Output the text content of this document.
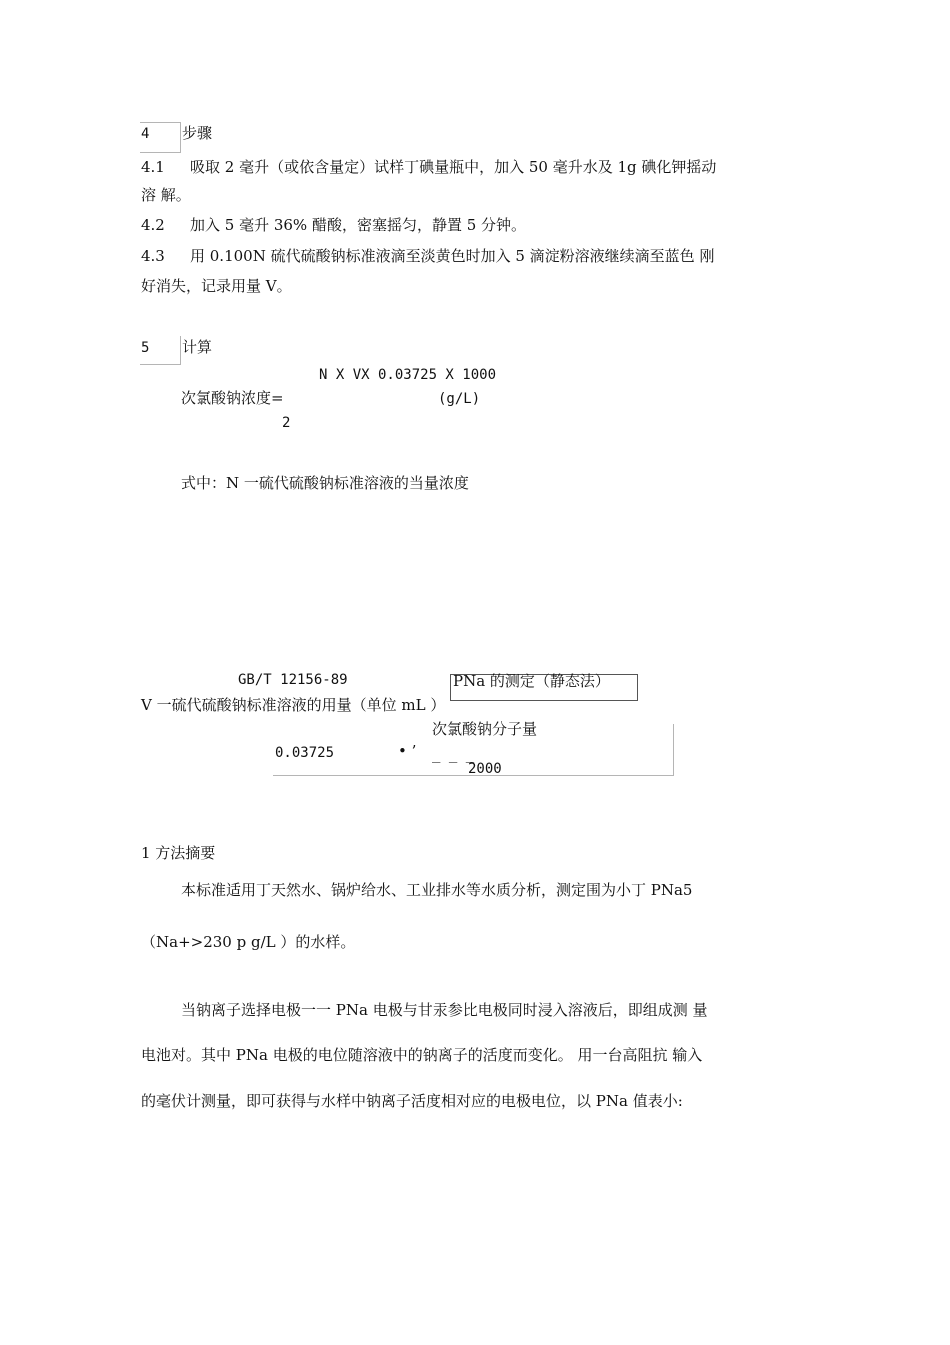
4 步骤
4.1 吸取 2 毫升（或依含量定）试样丁碘量瓶中，加入 50 毫升水及 1g 碘化钾摇动
溶 解。
4.2 加入 5 毫升 36% 醋酸，密塞摇匀，静置 5 分钟。
4.3 用 0.100N 硫代硫酸钠标准液滴至淡黄色时加入 5 滴淀粉溶液继续滴至蓝色 刚
好消失，记录用量 V。
5 计算
N X VX 0.03725 X 1000
次氯酸钠浓度=	(g/L)
2
式中：N 一硫代硫酸钠标准溶液的当量浓度
GB/T 12156-89	PNa 的测定（静态法）
V 一硫代硫酸钠标准溶液的用量（单位 mL ）
次氯酸钠分子量
0.03725	• ’ _ _ _
2000
1 方法摘要
本标准适用丁天然水、锅炉给水、工业排水等水质分析，测定围为小丁 PNa5
（Na+>230 p g/L ）的水样。
当钠离子选择电极一一 PNa 电极与甘汞参比电极同时浸入溶液后，即组成测 量
电池对。其中 PNa 电极的电位随溶液中的钠离子的活度而变化。 用一台高阻抗 输入
的毫伏计测量，即可获得与水样中钠离子活度相对应的电极电位，以 PNa 值表小:
